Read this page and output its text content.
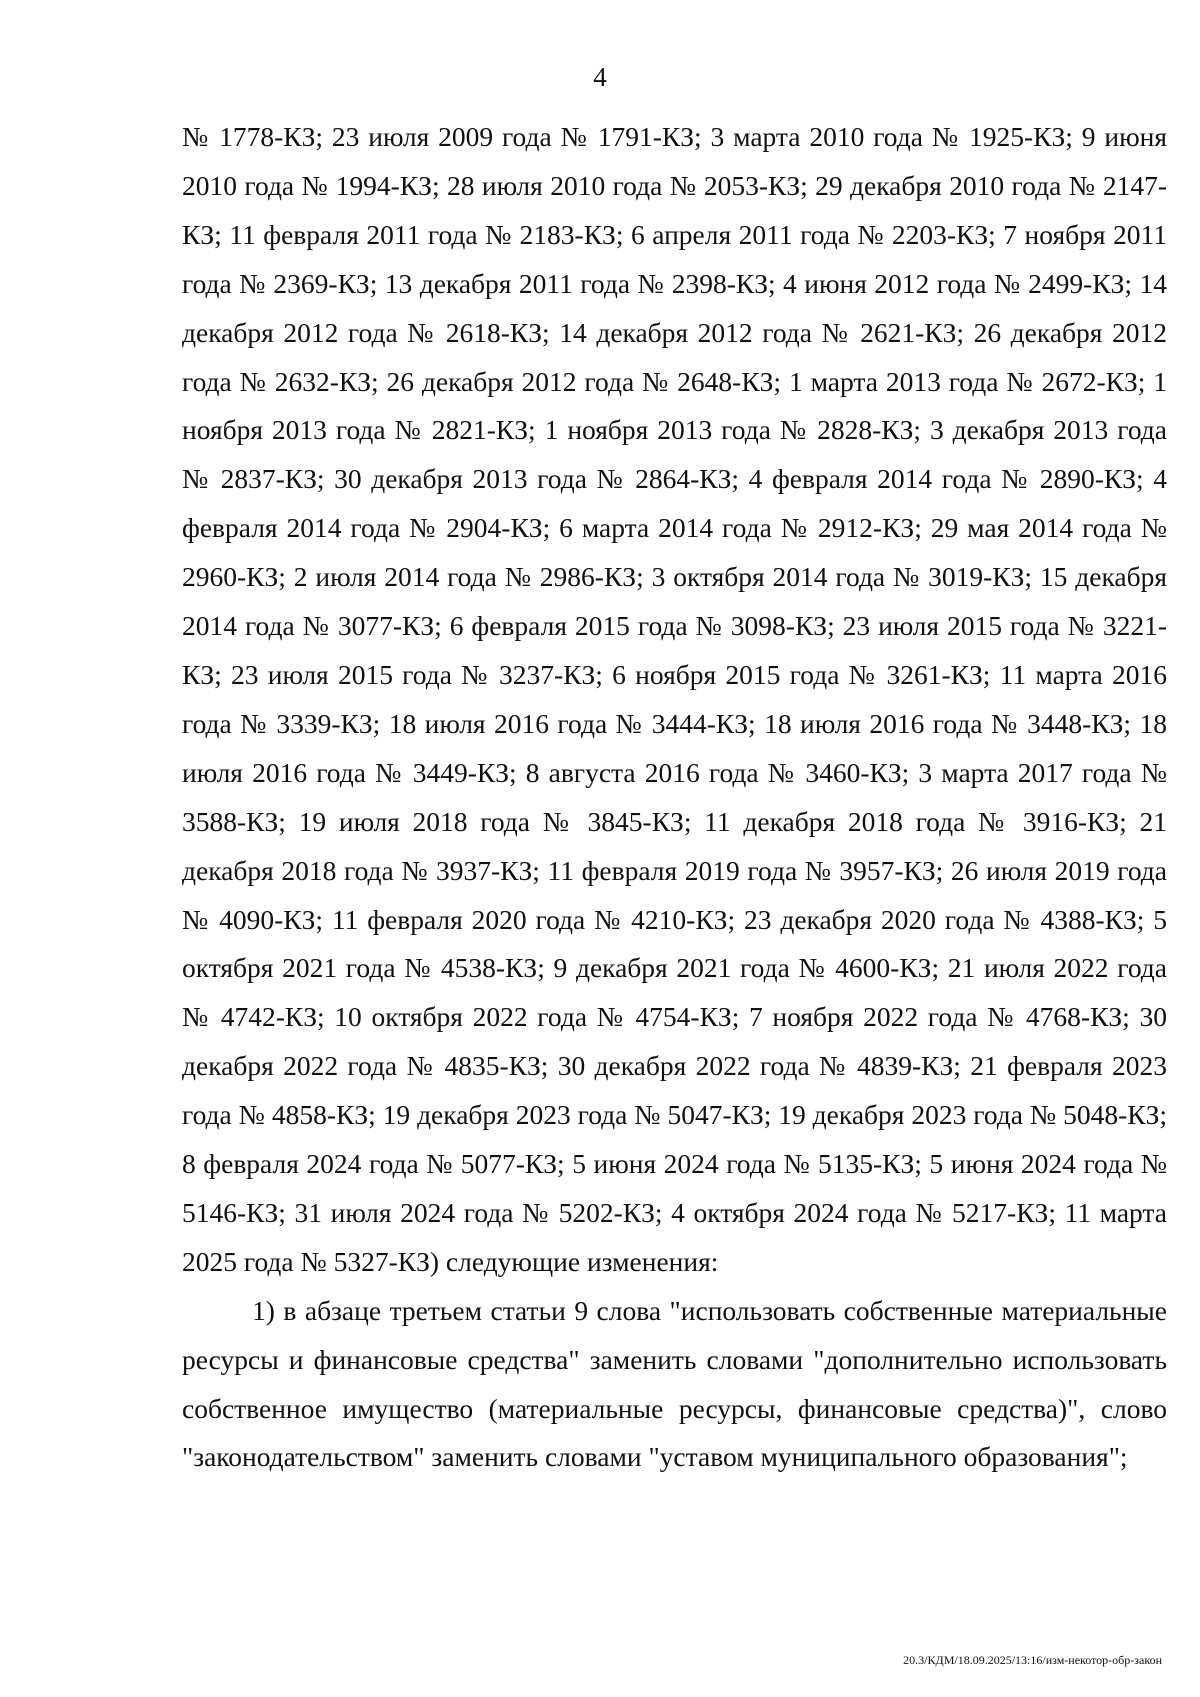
4

№ 1778-КЗ; 23 июля 2009 года № 1791-КЗ; 3 марта 2010 года № 1925-КЗ; 9 июня 2010 года № 1994-КЗ; 28 июля 2010 года № 2053-КЗ; 29 декабря 2010 года № 2147-КЗ; 11 февраля 2011 года № 2183-КЗ; 6 апреля 2011 года № 2203-КЗ; 7 ноября 2011 года № 2369-КЗ; 13 декабря 2011 года № 2398-КЗ; 4 июня 2012 года № 2499-КЗ; 14 декабря 2012 года № 2618-КЗ; 14 декабря 2012 года № 2621-КЗ; 26 декабря 2012 года № 2632-КЗ; 26 декабря 2012 года № 2648-КЗ; 1 марта 2013 года № 2672-КЗ; 1 ноября 2013 года № 2821-КЗ; 1 ноября 2013 года № 2828-КЗ; 3 декабря 2013 года № 2837-КЗ; 30 декабря 2013 года № 2864-КЗ; 4 февраля 2014 года № 2890-КЗ; 4 февраля 2014 года № 2904-КЗ; 6 марта 2014 года № 2912-КЗ; 29 мая 2014 года № 2960-КЗ; 2 июля 2014 года № 2986-КЗ; 3 октября 2014 года № 3019-КЗ; 15 декабря 2014 года № 3077-КЗ; 6 февраля 2015 года № 3098-КЗ; 23 июля 2015 года № 3221-КЗ; 23 июля 2015 года № 3237-КЗ; 6 ноября 2015 года № 3261-КЗ; 11 марта 2016 года № 3339-КЗ; 18 июля 2016 года № 3444-КЗ; 18 июля 2016 года № 3448-КЗ; 18 июля 2016 года № 3449-КЗ; 8 августа 2016 года № 3460-КЗ; 3 марта 2017 года № 3588-КЗ; 19 июля 2018 года № 3845-КЗ; 11 декабря 2018 года № 3916-КЗ; 21 декабря 2018 года № 3937-КЗ; 11 февраля 2019 года № 3957-КЗ; 26 июля 2019 года № 4090-КЗ; 11 февраля 2020 года № 4210-КЗ; 23 декабря 2020 года № 4388-КЗ; 5 октября 2021 года № 4538-КЗ; 9 декабря 2021 года № 4600-КЗ; 21 июля 2022 года № 4742-КЗ; 10 октября 2022 года № 4754-КЗ; 7 ноября 2022 года № 4768-КЗ; 30 декабря 2022 года № 4835-КЗ; 30 декабря 2022 года № 4839-КЗ; 21 февраля 2023 года № 4858-КЗ; 19 декабря 2023 года № 5047-КЗ; 19 декабря 2023 года № 5048-КЗ; 8 февраля 2024 года № 5077-КЗ; 5 июня 2024 года № 5135-КЗ; 5 июня 2024 года № 5146-КЗ; 31 июля 2024 года № 5202-КЗ; 4 октября 2024 года № 5217-КЗ; 11 марта 2025 года № 5327-КЗ) следующие изменения:

1) в абзаце третьем статьи 9 слова "использовать собственные материальные ресурсы и финансовые средства" заменить словами "дополнительно использовать собственное имущество (материальные ресурсы, финансовые средства)", слово "законодательством" заменить словами "уставом муниципального образования";

20.3/КДМ/18.09.2025/13:16/изм-некотор-обр-закон
